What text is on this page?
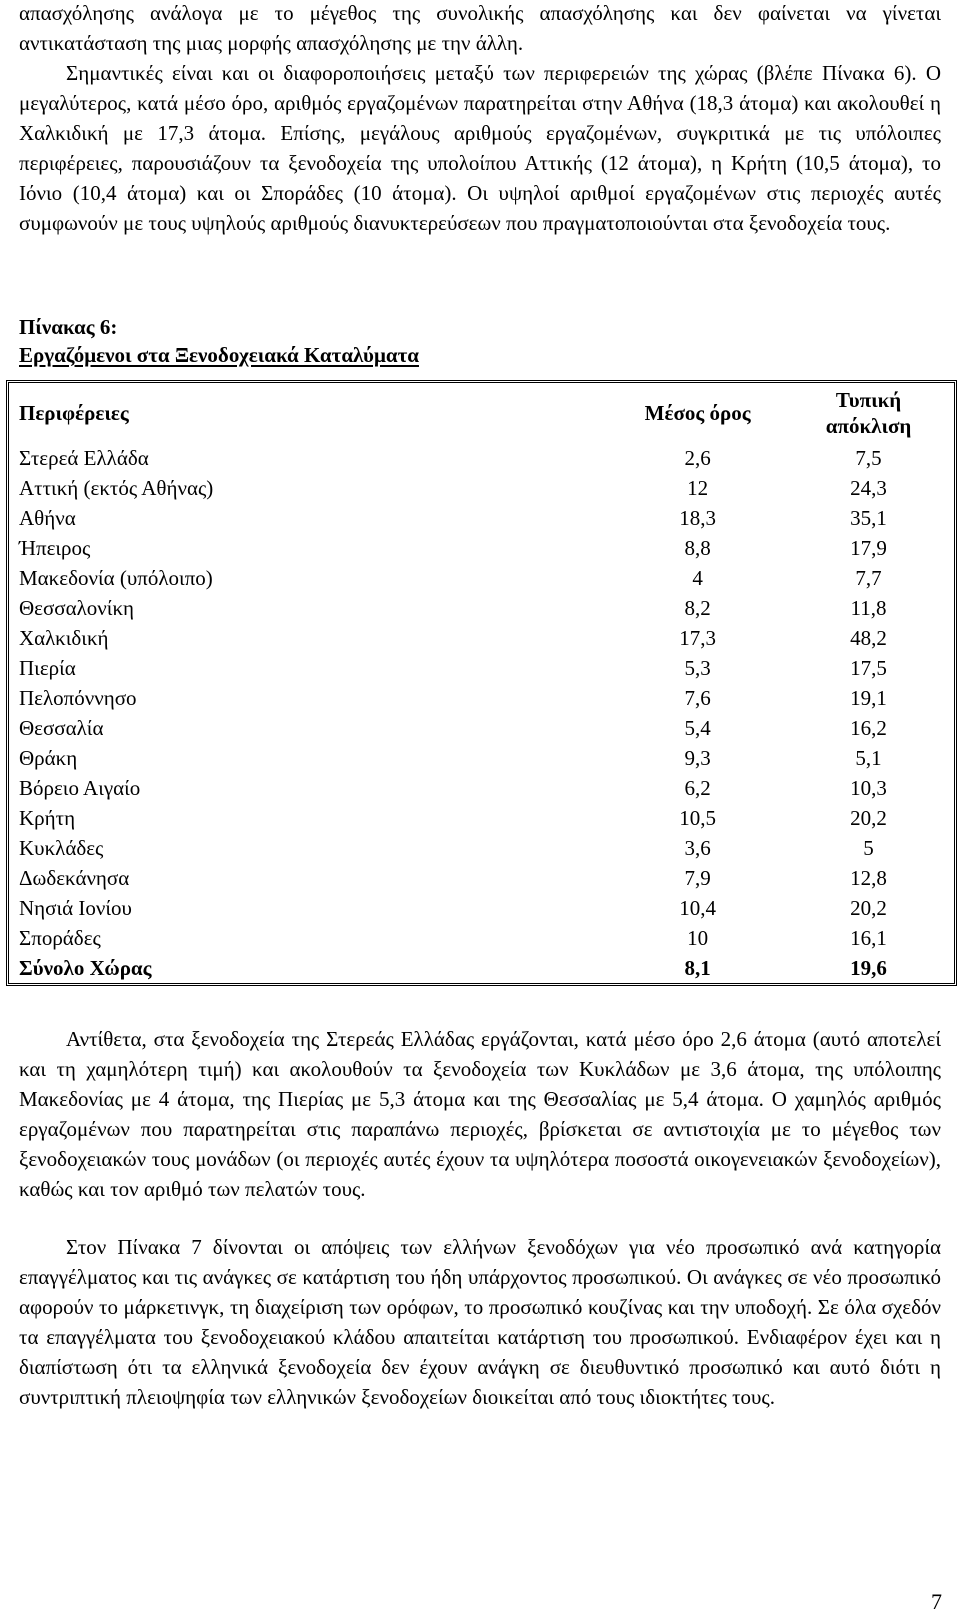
απασχόλησης ανάλογα με το μέγεθος της συνολικής απασχόλησης και δεν φαίνεται να γίνεται αντικατάσταση της μιας μορφής απασχόλησης με την άλλη.

Σημαντικές είναι και οι διαφοροποιήσεις μεταξύ των περιφερειών της χώρας (βλέπε Πίνακα 6). Ο μεγαλύτερος, κατά μέσο όρο, αριθμός εργαζομένων παρατηρείται στην Αθήνα (18,3 άτομα) και ακολουθεί η Χαλκιδική με 17,3 άτομα. Επίσης, μεγάλους αριθμούς εργαζομένων, συγκριτικά με τις υπόλοιπες περιφέρειες, παρουσιάζουν τα ξενοδοχεία της υπολοίπου Αττικής (12 άτομα), η Κρήτη (10,5 άτομα), το Ιόνιο (10,4 άτομα) και οι Σποράδες (10 άτομα). Οι υψηλοί αριθμοί εργαζομένων στις περιοχές αυτές συμφωνούν με τους υψηλούς αριθμούς διανυκτερεύσεων που πραγματοποιούνται στα ξενοδοχεία τους.

Πίνακας 6:

Εργαζόμενοι στα Ξενοδοχειακά Καταλύματα

Περιφέρειες	Μέσος όρος	Τυπική απόκλιση
Στερεά Ελλάδα	2,6	7,5
Αττική (εκτός Αθήνας)	12	24,3
Αθήνα	18,3	35,1
Ήπειρος	8,8	17,9
Μακεδονία (υπόλοιπο)	4	7,7
Θεσσαλονίκη	8,2	11,8
Χαλκιδική	17,3	48,2
Πιερία	5,3	17,5
Πελοπόννησο	7,6	19,1
Θεσσαλία	5,4	16,2
Θράκη	9,3	5,1
Βόρειο Αιγαίο	6,2	10,3
Κρήτη	10,5	20,2
Κυκλάδες	3,6	5
Δωδεκάνησα	7,9	12,8
Νησιά Ιονίου	10,4	20,2
Σποράδες	10	16,1
Σύνολο Χώρας	8,1	19,6

Αντίθετα, στα ξενοδοχεία της Στερεάς Ελλάδας εργάζονται, κατά μέσο όρο 2,6 άτομα (αυτό αποτελεί και τη χαμηλότερη τιμή) και ακολουθούν τα ξενοδοχεία των Κυκλάδων με 3,6 άτομα, της υπόλοιπης Μακεδονίας με 4 άτομα, της Πιερίας με 5,3 άτομα και της Θεσσαλίας με 5,4 άτομα. Ο χαμηλός αριθμός εργαζομένων που παρατηρείται στις παραπάνω περιοχές, βρίσκεται σε αντιστοιχία με το μέγεθος των ξενοδοχειακών τους μονάδων (οι περιοχές αυτές έχουν τα υψηλότερα ποσοστά οικογενειακών ξενοδοχείων), καθώς και τον αριθμό των πελατών τους.

Στον Πίνακα 7 δίνονται οι απόψεις των ελλήνων ξενοδόχων για νέο προσωπικό ανά κατηγορία επαγγέλματος και τις ανάγκες σε κατάρτιση του ήδη υπάρχοντος προσωπικού. Οι ανάγκες σε νέο προσωπικό αφορούν το μάρκετινγκ, τη διαχείριση των ορόφων, το προσωπικό κουζίνας και την υποδοχή. Σε όλα σχεδόν τα επαγγέλματα του ξενοδοχειακού κλάδου απαιτείται κατάρτιση του προσωπικού. Ενδιαφέρον έχει και η διαπίστωση ότι τα ελληνικά ξενοδοχεία δεν έχουν ανάγκη σε διευθυντικό προσωπικό και αυτό διότι η συντριπτική πλειοψηφία των ελληνικών ξενοδοχείων διοικείται από τους ιδιοκτήτες τους.

7
